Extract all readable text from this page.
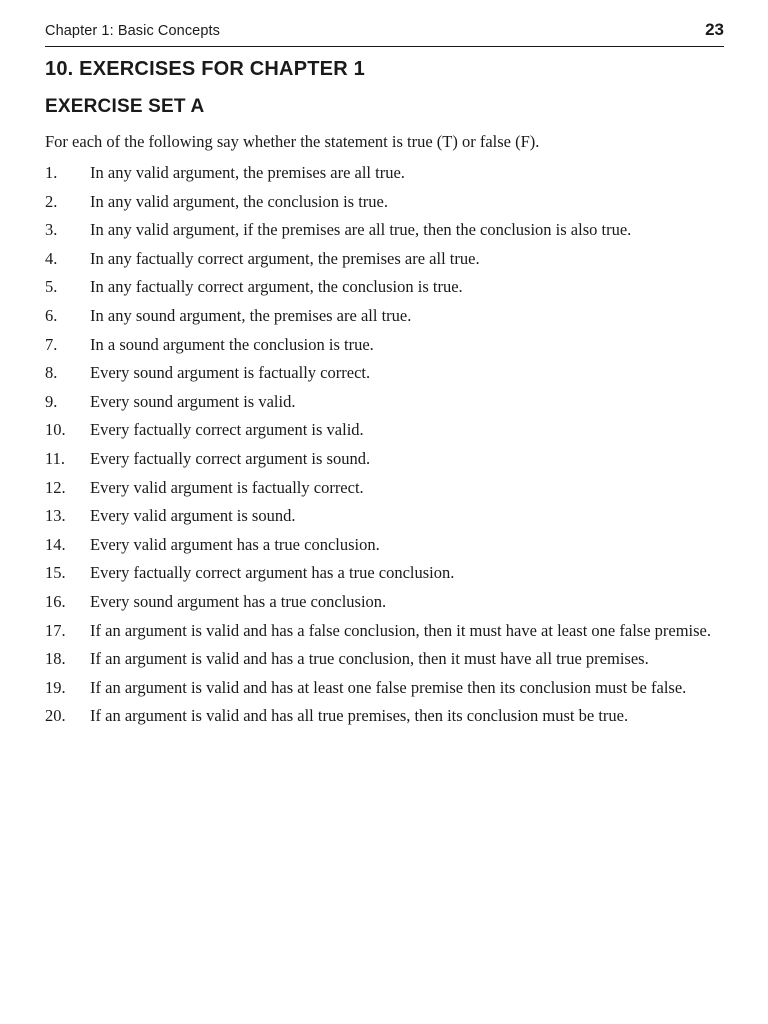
Chapter 1: Basic Concepts	23
10. EXERCISES FOR CHAPTER 1
EXERCISE SET A

For each of the following say whether the statement is true (T) or false (F).

1.	In any valid argument, the premises are all true.
2.	In any valid argument, the conclusion is true.
3.	In any valid argument, if the premises are all true, then the conclusion is also true.
4.	In any factually correct argument, the premises are all true.
5.	In any factually correct argument, the conclusion is true.
6.	In any sound argument, the premises are all true.
7.	In a sound argument the conclusion is true.
8.	Every sound argument is factually correct.
9.	Every sound argument is valid.
10.	Every factually correct argument is valid.
11.	Every factually correct argument is sound.
12.	Every valid argument is factually correct.
13.	Every valid argument is sound.
14.	Every valid argument has a true conclusion.
15.	Every factually correct argument has a true conclusion.
16.	Every sound argument has a true conclusion.
17.	If an argument is valid and has a false conclusion, then it must have at least one false premise.
18.	If an argument is valid and has a true conclusion, then it must have all true premises.
19.	If an argument is valid and has at least one false premise then its conclusion must be false.
20.	If an argument is valid and has all true premises, then its conclusion must be true.
